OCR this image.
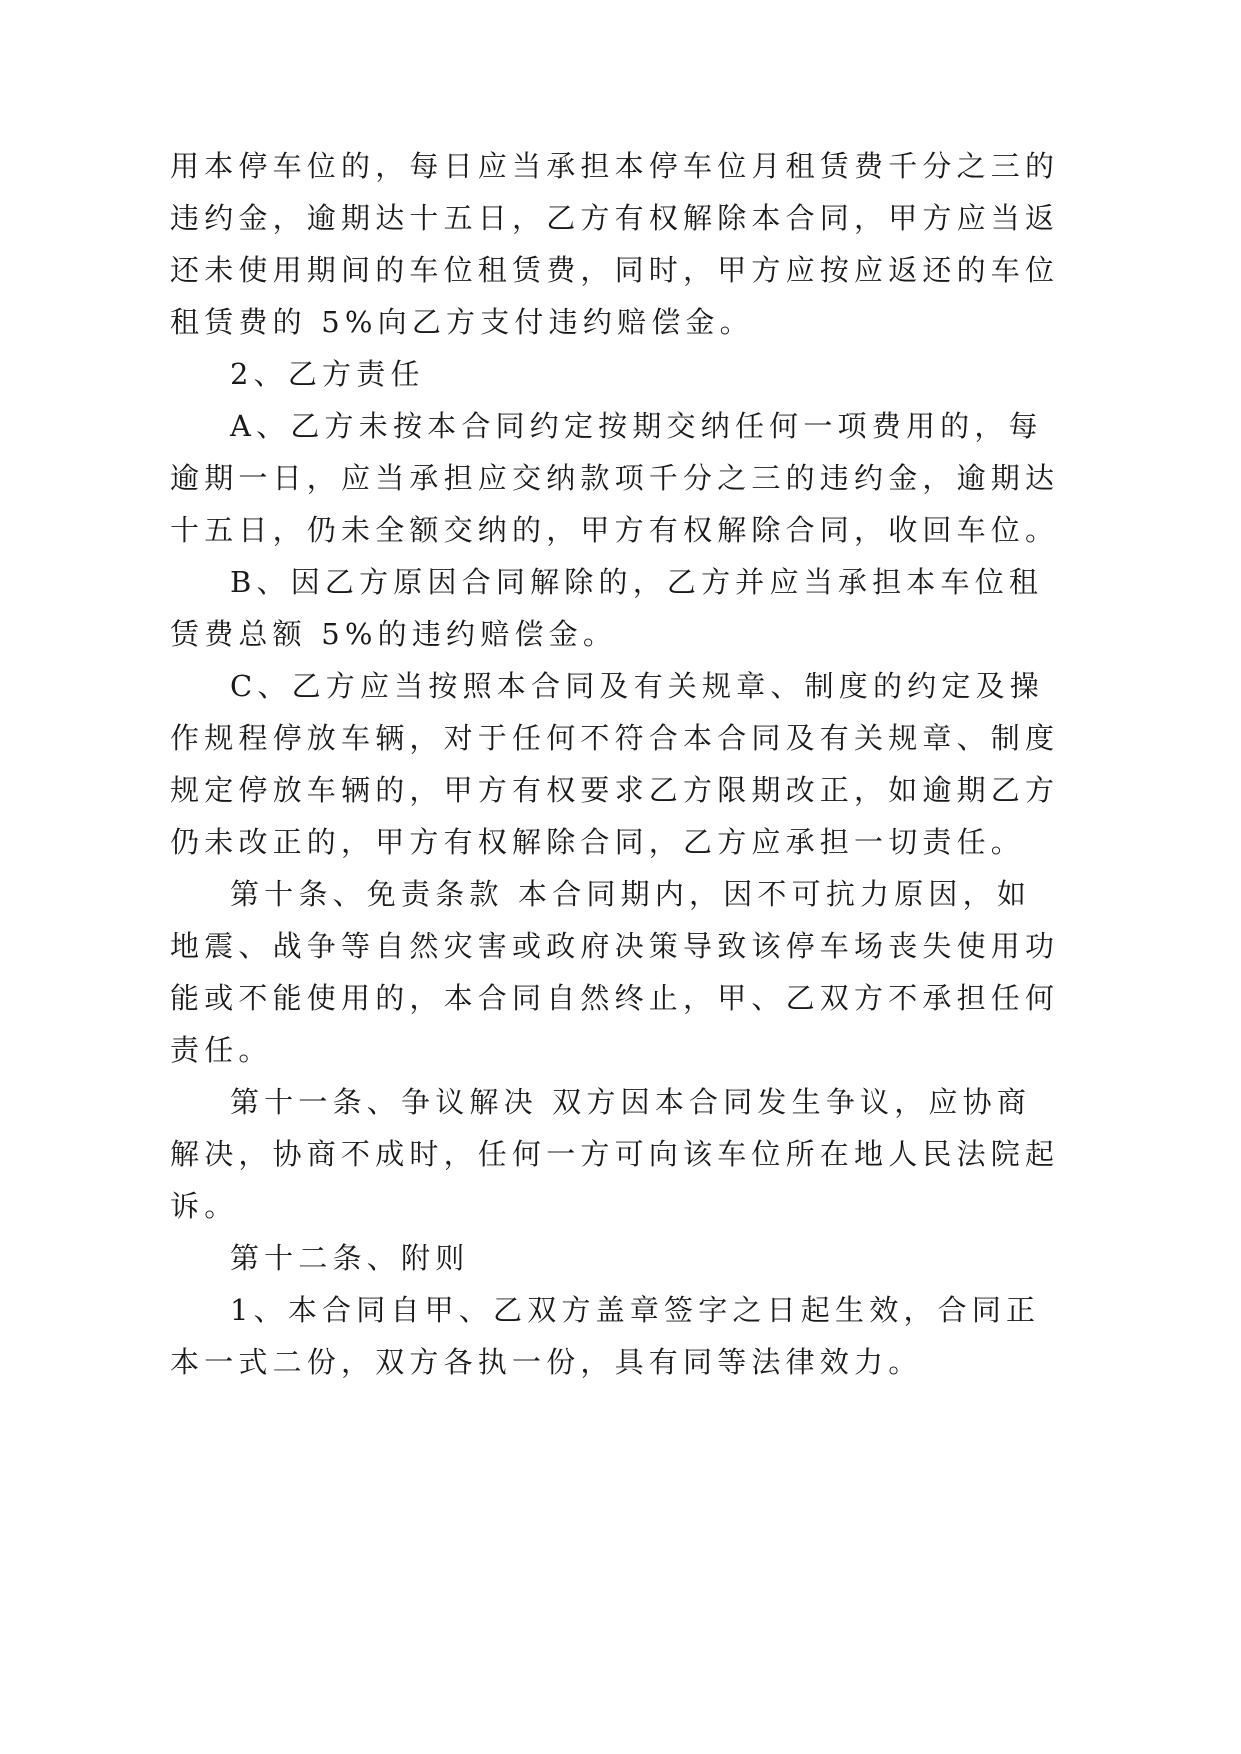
用本停车位的，每日应当承担本停车位月租赁费千分之三的

违约金，逾期达十五日，乙方有权解除本合同，甲方应当返

还未使用期间的车位租赁费，同时，甲方应按应返还的车位

租赁费的 5%向乙方支付违约赔偿金。

2、乙方责任

A、乙方未按本合同约定按期交纳任何一项费用的，每

逾期一日，应当承担应交纳款项千分之三的违约金，逾期达

十五日，仍未全额交纳的，甲方有权解除合同，收回车位。

B、因乙方原因合同解除的，乙方并应当承担本车位租

赁费总额 5%的违约赔偿金。

C、乙方应当按照本合同及有关规章、制度的约定及操

作规程停放车辆，对于任何不符合本合同及有关规章、制度

规定停放车辆的，甲方有权要求乙方限期改正，如逾期乙方

仍未改正的，甲方有权解除合同，乙方应承担一切责任。

第十条、免责条款 本合同期内，因不可抗力原因，如

地震、战争等自然灾害或政府决策导致该停车场丧失使用功

能或不能使用的，本合同自然终止，甲、乙双方不承担任何

责任。

第十一条、争议解决 双方因本合同发生争议，应协商

解决，协商不成时，任何一方可向该车位所在地人民法院起

诉。

第十二条、附则

1、本合同自甲、乙双方盖章签字之日起生效，合同正

本一式二份，双方各执一份，具有同等法律效力。
